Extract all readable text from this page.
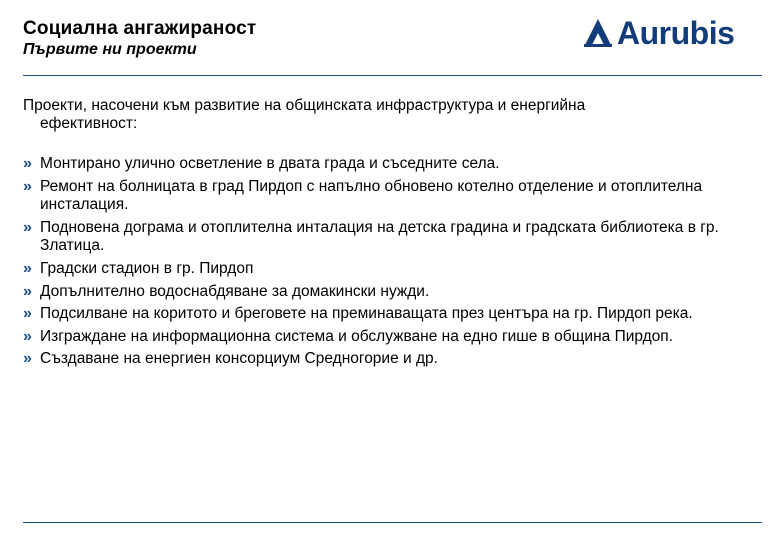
Социална ангажираност
Първите ни проекти	Aurubis
Проекти, насочени към развитие на общинската инфраструктура и енергийна
ефективност:
» Монтирано улично осветление в двата града и съседните села.
» Ремонт на болницата в град Пирдоп с напълно обновено котелно отделение и отоплителна инсталация.
» Подновена дограма и отоплителна инталация на детска градина и градската библиотека в гр. Златица.
» Градски стадион в гр. Пирдоп
» Допълнително водоснабдяване за домакински нужди.
» Подсилване на коритото и бреговете на преминаващата през центъра на гр. Пирдоп река.
» Изграждане на информационна система и обслужване на едно гише в община Пирдоп.
» Създаване на енергиен консорциум Средногорие и др.
